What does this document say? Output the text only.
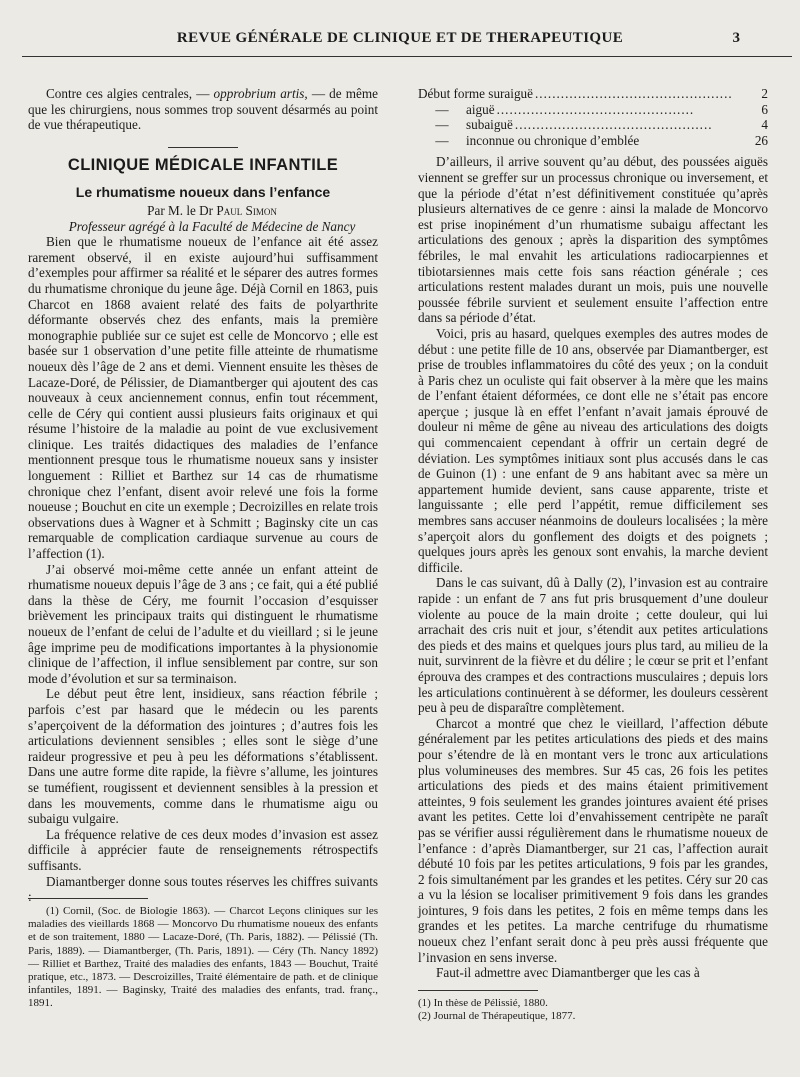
REVUE GÉNÉRALE DE CLINIQUE ET DE THERAPEUTIQUE	3

Contre ces algies centrales, — opprobrium artis, — de même que les chirurgiens, nous sommes trop souvent désarmés au point de vue thérapeutique.

CLINIQUE MÉDICALE INFANTILE
Le rhumatisme noueux dans l’enfance

Par M. le Dr Paul Simon

Professeur agrégé à la Faculté de Médecine de Nancy

Bien que le rhumatisme noueux de l’enfance ait été assez rarement observé, il en existe aujourd’hui suffisamment d’exemples pour affirmer sa réalité et le séparer des autres formes du rhumatisme chronique du jeune âge. Déjà Cornil en 1863, puis Charcot en 1868 avaient relaté des faits de polyarthrite déformante observés chez des enfants, mais la première monographie publiée sur ce sujet est celle de Moncorvo ; elle est basée sur 1 observation d’une petite fille atteinte de rhumatisme noueux dès l’âge de 2 ans et demi. Viennent ensuite les thèses de Lacaze-Doré, de Pélissier, de Diamantberger qui ajoutent des cas nouveaux à ceux anciennement connus, enfin tout récemment, celle de Céry qui contient aussi plusieurs faits originaux et qui résume l’histoire de la maladie au point de vue exclusivement clinique. Les traités didactiques des maladies de l’enfance mentionnent presque tous le rhumatisme noueux sans y insister longuement : Rilliet et Barthez sur 14 cas de rhumatisme chronique chez l’enfant, disent avoir relevé une fois la forme noueuse ; Bouchut en cite un exemple ; Decroizilles en relate trois observations dues à Wagner et à Schmitt ; Baginsky cite un cas remarquable de complication cardiaque survenue au cours de l’affection (1).

J’ai observé moi-même cette année un enfant atteint de rhumatisme noueux depuis l’âge de 3 ans ; ce fait, qui a été publié dans la thèse de Céry, me fournit l’occasion d’esquisser brièvement les principaux traits qui distinguent le rhumatisme noueux de l’enfant de celui de l’adulte et du vieillard ; si le jeune âge imprime peu de modifications importantes à la physionomie clinique de l’affection, il influe sensiblement par contre, sur son mode d’évolution et sur sa terminaison.

Le début peut être lent, insidieux, sans réaction fébrile ; parfois c’est par hasard que le médecin ou les parents s’aperçoivent de la déformation des jointures ; d’autres fois les articulations deviennent sensibles ; elles sont le siège d’une raideur progressive et peu à peu les déformations s’établissent. Dans une autre forme dite rapide, la fièvre s’allume, les jointures se tuméfient, rougissent et deviennent sensibles à la pression et dans les mouvements, comme dans le rhumatisme aigu ou subaigu vulgaire.

La fréquence relative de ces deux modes d’invasion est assez difficile à apprécier faute de renseignements rétrospectifs suffisants.

Diamantberger donne sous toutes réserves les chiffres suivants :

(1) Cornil, (Soc. de Biologie 1863). — Charcot Leçons cliniques sur les maladies des vieillards 1868 — Moncorvo Du rhumatisme noueux des enfants et de son traitement, 1880 — Lacaze-Doré, (Th. Paris, 1882). — Pélissié (Th. Paris, 1889). — Diamantberger, (Th. Paris, 1891). — Céry (Th. Nancy 1892) — Rilliet et Barthez, Traité des maladies des enfants, 1843 — Bouchut, Traité pratique, etc., 1873. — Descroizilles, Traité élémentaire de path. et de clinique infantiles, 1891. — Baginsky, Traité des maladies des enfants, trad. franç., 1891.

Début forme suraiguë ..............................................	2
—	aiguë ..............................................	6
—	subaiguë ..............................................	4
—	inconnue ou chronique d’emblée	26

D’ailleurs, il arrive souvent qu’au début, des poussées aiguës viennent se greffer sur un processus chronique ou inversement, et que la période d’état n’est définitivement constituée qu’après plusieurs alternatives de ce genre : ainsi la malade de Moncorvo est prise inopinément d’un rhumatisme subaigu affectant les articulations des genoux ; après la disparition des symptômes fébriles, le mal envahit les articulations radiocarpiennes et tibiotarsiennes mais cette fois sans réaction générale ; ces articulations restent malades durant un mois, puis une nouvelle poussée fébrile survient et seulement ensuite l’affection entre dans sa période d’état.

Voici, pris au hasard, quelques exemples des autres modes de début : une petite fille de 10 ans, observée par Diamantberger, est prise de troubles inflammatoires du côté des yeux ; on la conduit à Paris chez un oculiste qui fait observer à la mère que les mains de l’enfant étaient déformées, ce dont elle ne s’était pas encore aperçue ; jusque là en effet l’enfant n’avait jamais éprouvé de douleur ni même de gêne au niveau des articulations des doigts qui commencaient cependant à offrir un certain degré de déviation. Les symptômes initiaux sont plus accusés dans le cas de Guinon (1) : une enfant de 9 ans habitant avec sa mère un appartement humide devient, sans cause apparente, triste et languissante ; elle perd l’appétit, remue difficilement ses membres sans accuser néanmoins de douleurs localisées ; la mère s’aperçoit alors du gonflement des doigts et des poignets ; quelques jours après les genoux sont envahis, la marche devient difficile.

Dans le cas suivant, dû à Dally (2), l’invasion est au contraire rapide : un enfant de 7 ans fut pris brusquement d’une douleur violente au pouce de la main droite ; cette douleur, qui lui arrachait des cris nuit et jour, s’étendit aux petites articulations des pieds et des mains et quelques jours plus tard, au milieu de la nuit, survinrent de la fièvre et du délire ; le cœur se prit et l’enfant éprouva des crampes et des contractions musculaires ; depuis lors les articulations continuèrent à se déformer, les douleurs cessèrent peu à peu de disparaître complètement.

Charcot a montré que chez le vieillard, l’affection débute généralement par les petites articulations des pieds et des mains pour s’étendre de là en montant vers le tronc aux articulations plus volumineuses des membres. Sur 45 cas, 26 fois les petites articulations des pieds et des mains étaient primitivement atteintes, 9 fois seulement les grandes jointures avaient été prises avant les petites. Cette loi d’envahissement centripète ne paraît pas se vérifier aussi régulièrement dans le rhumatisme noueux de l’enfance : d’après Diamantberger, sur 21 cas, l’affection aurait débuté 10 fois par les petites articulations, 9 fois par les grandes, 2 fois simultanément par les grandes et les petites. Céry sur 20 cas a vu la lésion se localiser primitivement 9 fois dans les grandes jointures, 9 fois dans les petites, 2 fois en même temps dans les grandes et les petites. La marche centrifuge du rhumatisme noueux chez l’enfant serait donc à peu près aussi fréquente que l’invasion en sens inverse.

Faut-il admettre avec Diamantberger que les cas à

(1) In thèse de Pélissié, 1880.

(2) Journal de Thérapeutique, 1877.
